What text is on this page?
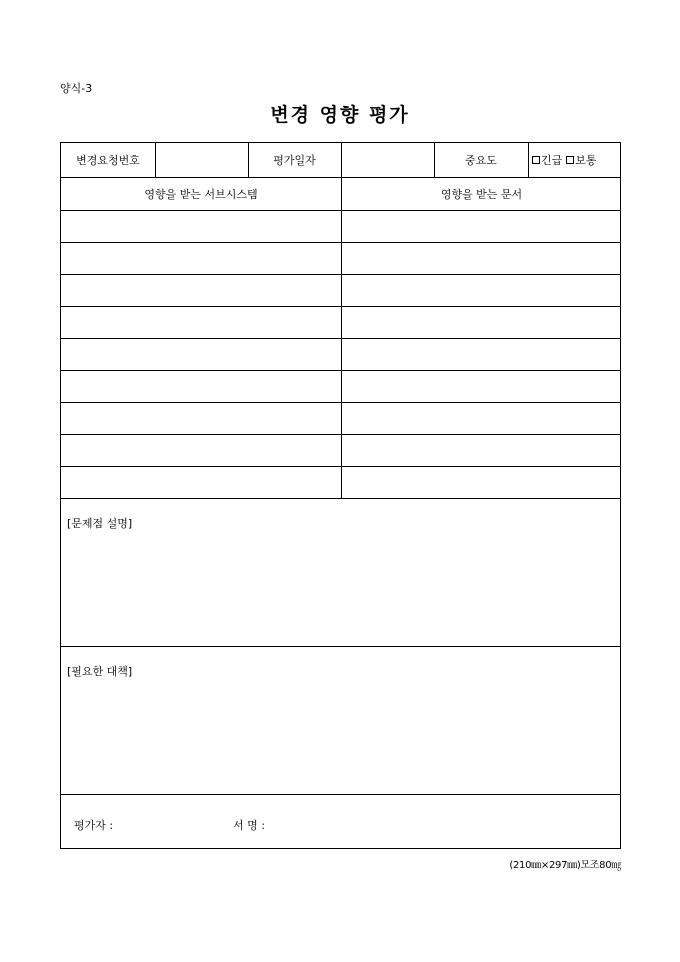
양식-3
변경 영향 평가
변경요청번호	평가일자	중요도	긴급 보통
영향을 받는 서브시스템	영향을 받는 문서
[문제점 설명]
[필요한 대책]
평가자 :	서 명 :
(210㎜×297㎜)모조80㎎
